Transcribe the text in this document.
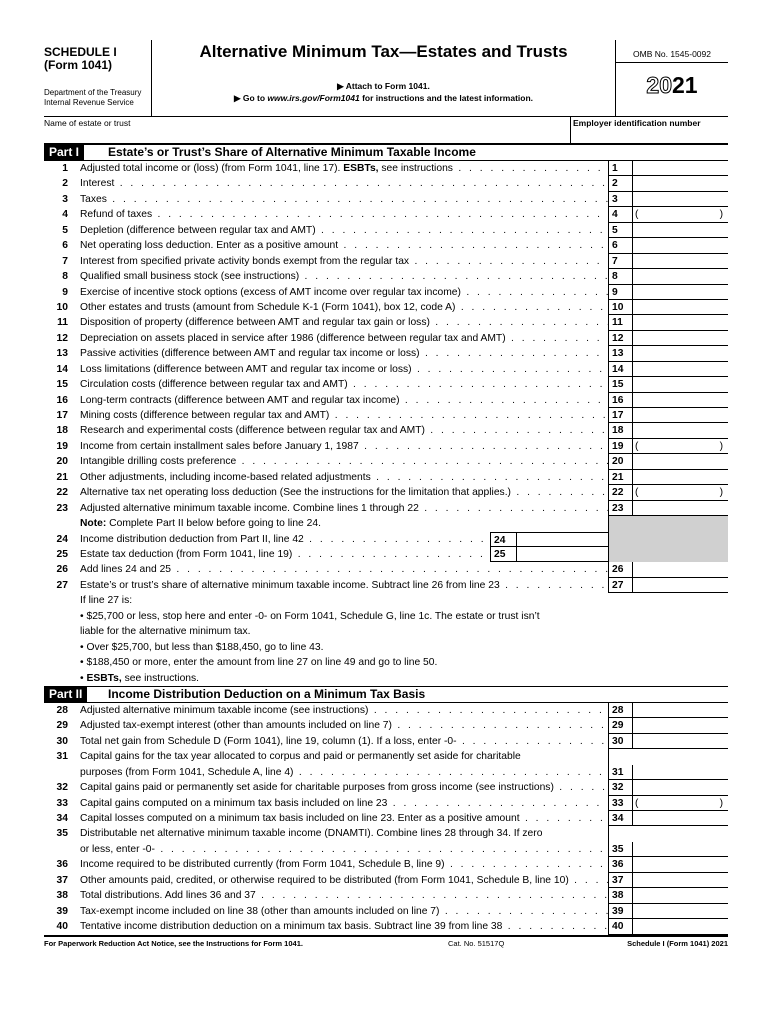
SCHEDULE I
(Form 1041)
Department of the Treasury
Internal Revenue Service
Alternative Minimum Tax—Estates and Trusts
▶ Attach to Form 1041.
▶ Go to www.irs.gov/Form1041 for instructions and the latest information.
OMB No. 1545-0092
2021
Name of estate or trust	Employer identification number
Part I	Estate’s or Trust’s Share of Alternative Minimum Taxable Income
1 Adjusted total income or (loss) (from Form 1041, line 17). ESBTs, see instructions . . .	1
2 Interest . . .	2
3 Taxes . . .	3
4 Refund of taxes . . .	4	(	)
5 Depletion (difference between regular tax and AMT) . . .	5
6 Net operating loss deduction. Enter as a positive amount . . .	6
7 Interest from specified private activity bonds exempt from the regular tax . . .	7
8 Qualified small business stock (see instructions) . . .	8
9 Exercise of incentive stock options (excess of AMT income over regular tax income) . . .	9
10 Other estates and trusts (amount from Schedule K-1 (Form 1041), box 12, code A) . . .	10
11 Disposition of property (difference between AMT and regular tax gain or loss) . . .	11
12 Depreciation on assets placed in service after 1986 (difference between regular tax and AMT) . . .	12
13 Passive activities (difference between AMT and regular tax income or loss) . . .	13
14 Loss limitations (difference between AMT and regular tax income or loss) . . .	14
15 Circulation costs (difference between regular tax and AMT) . . .	15
16 Long-term contracts (difference between AMT and regular tax income) . . .	16
17 Mining costs (difference between regular tax and AMT) . . .	17
18 Research and experimental costs (difference between regular tax and AMT) . . .	18
19 Income from certain installment sales before January 1, 1987 . . .	19	(	)
20 Intangible drilling costs preference . . .	20
21 Other adjustments, including income-based related adjustments . . .	21
22 Alternative tax net operating loss deduction (See the instructions for the limitation that applies.) . . .	22	(	)
23 Adjusted alternative minimum taxable income. Combine lines 1 through 22 . . .	23
Note: Complete Part II below before going to line 24.
24 Income distribution deduction from Part II, line 42 . . .	24
25 Estate tax deduction (from Form 1041, line 19) . . .	25
26 Add lines 24 and 25 . . .	26
27 Estate’s or trust’s share of alternative minimum taxable income. Subtract line 26 from line 23 . . .	27
If line 27 is:
• $25,700 or less, stop here and enter -0- on Form 1041, Schedule G, line 1c. The estate or trust isn’t
liable for the alternative minimum tax.
• Over $25,700, but less than $188,450, go to line 43.
• $188,450 or more, enter the amount from line 27 on line 49 and go to line 50.
• ESBTs, see instructions.
Part II	Income Distribution Deduction on a Minimum Tax Basis
28 Adjusted alternative minimum taxable income (see instructions) . . .	28
29 Adjusted tax-exempt interest (other than amounts included on line 7) . . .	29
30 Total net gain from Schedule D (Form 1041), line 19, column (1). If a loss, enter -0- . . .	30
31 Capital gains for the tax year allocated to corpus and paid or permanently set aside for charitable
purposes (from Form 1041, Schedule A, line 4) . . .	31
32 Capital gains paid or permanently set aside for charitable purposes from gross income (see instructions) . . .	32
33 Capital gains computed on a minimum tax basis included on line 23 . . .	33	(	)
34 Capital losses computed on a minimum tax basis included on line 23. Enter as a positive amount . . .	34
35 Distributable net alternative minimum taxable income (DNAMTI). Combine lines 28 through 34. If zero
or less, enter -0- . . .	35
36 Income required to be distributed currently (from Form 1041, Schedule B, line 9) . . .	36
37 Other amounts paid, credited, or otherwise required to be distributed (from Form 1041, Schedule B, line 10) . . .	37
38 Total distributions. Add lines 36 and 37 . . .	38
39 Tax-exempt income included on line 38 (other than amounts included on line 7) . . .	39
40 Tentative income distribution deduction on a minimum tax basis. Subtract line 39 from line 38 . . .	40
For Paperwork Reduction Act Notice, see the Instructions for Form 1041.	Cat. No. 51517Q	Schedule I (Form 1041) 2021
